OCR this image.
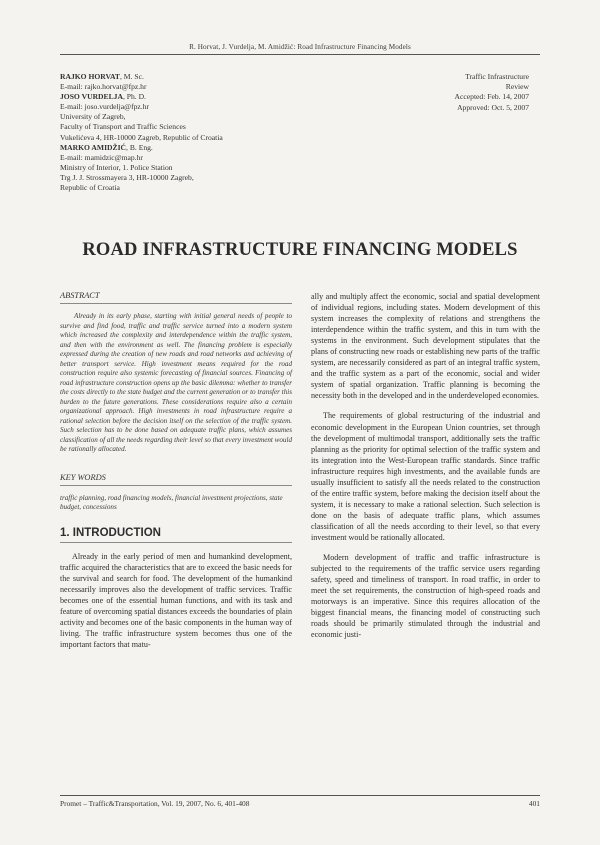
R. Horvat, J. Vurdelja, M. Amidžić: Road Infrastructure Financing Models
RAJKO HORVAT, M. Sc.
E-mail: rajko.horvat@fpz.hr
JOSO VURDELJA, Ph. D.
E-mail: joso.vurdelja@fpz.hr
University of Zagreb,
Faculty of Transport and Traffic Sciences
Vukelićeva 4, HR-10000 Zagreb, Republic of Croatia
MARKO AMIDŽIĆ, B. Eng.
E-mail: mamidzic@map.hr
Ministry of Interior, 1. Police Station
Trg J. J. Strossmayera 3, HR-10000 Zagreb,
Republic of Croatia
Traffic Infrastructure
Review
Accepted: Feb. 14, 2007
Approved: Oct. 5, 2007
ROAD INFRASTRUCTURE FINANCING MODELS
ABSTRACT

Already in its early phase, starting with initial general needs of people to survive and find food, traffic and traffic service turned into a modern system which increased the complexity and interdependence within the traffic system, and then with the environment as well. The financing problem is especially expressed during the creation of new roads and road networks and achieving of better transport service. High investment means required for the road construction require also systemic forecasting of financial sources. Financing of road infrastructure construction opens up the basic dilemma: whether to transfer the costs directly to the state budget and the current generation or to transfer this burden to the future generations. These considerations require also a certain organizational approach. High investments in road infrastructure require a rational selection before the decision itself on the selection of the traffic system. Such selection has to be done based on adequate traffic plans, which assumes classification of all the needs regarding their level so that every investment would be rationally allocated.

KEY WORDS

traffic planning, road financing models, financial investment projections, state budget, concessions

1. INTRODUCTION

Already in the early period of men and humankind development, traffic acquired the characteristics that are to exceed the basic needs for the survival and search for food. The development of the humankind necessarily improves also the development of traffic services. Traffic becomes one of the essential human functions, and with its task and feature of overcoming spatial distances exceeds the boundaries of plain activity and becomes one of the basic components in the human way of living. The traffic infrastructure system becomes thus one of the important factors that matu-

ally and multiply affect the economic, social and spatial development of individual regions, including states. Modern development of this system increases the complexity of relations and strengthens the interdependence within the traffic system, and this in turn with the systems in the environment. Such development stipulates that the plans of constructing new roads or establishing new parts of the traffic system, are necessarily considered as part of an integral traffic system, and the traffic system as a part of the economic, social and wider system of spatial organization. Traffic planning is becoming the necessity both in the developed and in the underdeveloped economies.

The requirements of global restructuring of the industrial and economic development in the European Union countries, set through the development of multimodal transport, additionally sets the traffic planning as the priority for optimal selection of the traffic system and its integration into the West-European traffic standards. Since traffic infrastructure requires high investments, and the available funds are usually insufficient to satisfy all the needs related to the construction of the entire traffic system, before making the decision itself about the system, it is necessary to make a rational selection. Such selection is done on the basis of adequate traffic plans, which assumes classification of all the needs according to their level, so that every investment would be rationally allocated.

Modern development of traffic and traffic infrastructure is subjected to the requirements of the traffic service users regarding safety, speed and timeliness of transport. In road traffic, in order to meet the set requirements, the construction of high-speed roads and motorways is an imperative. Since this requires allocation of the biggest financial means, the financing model of constructing such roads should be primarily stimulated through the industrial and economic justi-

Promet – Traffic&Transportation, Vol. 19, 2007, No. 6, 401-408	401
